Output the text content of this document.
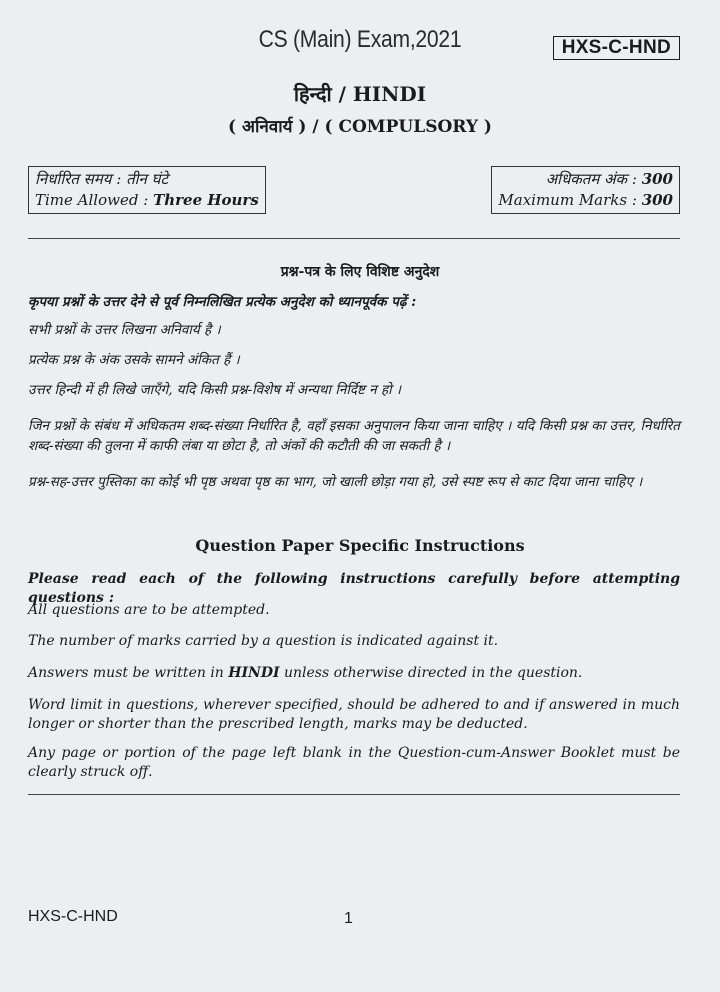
CS (Main) Exam,2021	HXS-C-HND
हिन्दी / HINDI
( अनिवार्य ) / ( COMPULSORY )
निर्धारित समय : तीन घंटे
Time Allowed : Three Hours
अधिकतम अंक : 300
Maximum Marks : 300
प्रश्न-पत्र के लिए विशिष्ट अनुदेश
कृपया प्रश्नों के उत्तर देने से पूर्व निम्नलिखित प्रत्येक अनुदेश को ध्यानपूर्वक पढ़ें :
सभी प्रश्नों के उत्तर लिखना अनिवार्य है ।
प्रत्येक प्रश्न के अंक उसके सामने अंकित हैं ।
उत्तर हिन्दी में ही लिखे जाएँगे, यदि किसी प्रश्न-विशेष में अन्यथा निर्दिष्ट न हो ।
जिन प्रश्नों के संबंध में अधिकतम शब्द-संख्या निर्धारित है, वहाँ इसका अनुपालन किया जाना चाहिए । यदि किसी प्रश्न का उत्तर, निर्धारित शब्द-संख्या की तुलना में काफी लंबा या छोटा है, तो अंकों की कटौती की जा सकती है ।
प्रश्न-सह-उत्तर पुस्तिका का कोई भी पृष्ठ अथवा पृष्ठ का भाग, जो खाली छोड़ा गया हो, उसे स्पष्ट रूप से काट दिया जाना चाहिए ।
Question Paper Specific Instructions
Please read each of the following instructions carefully before attempting questions :
All questions are to be attempted.
The number of marks carried by a question is indicated against it.
Answers must be written in HINDI unless otherwise directed in the question.
Word limit in questions, wherever specified, should be adhered to and if answered in much longer or shorter than the prescribed length, marks may be deducted.
Any page or portion of the page left blank in the Question-cum-Answer Booklet must be clearly struck off.
HXS-C-HND	1
